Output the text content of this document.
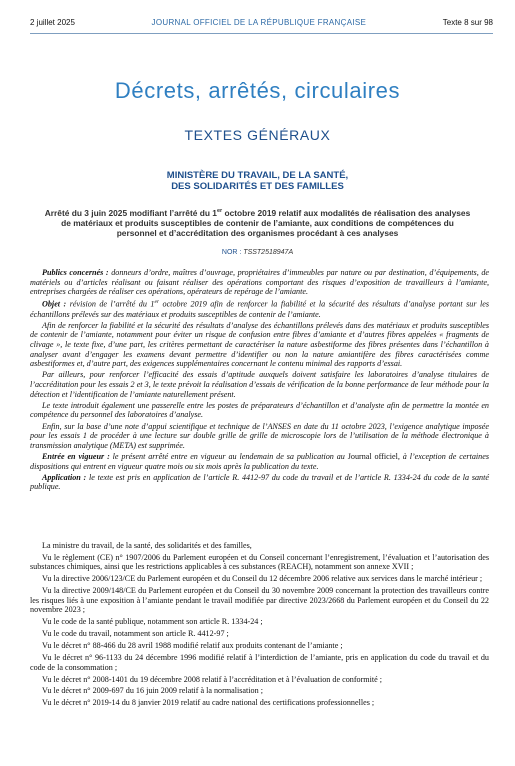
2 juillet 2025	JOURNAL OFFICIEL DE LA RÉPUBLIQUE FRANÇAISE	Texte 8 sur 98
Décrets, arrêtés, circulaires
TEXTES GÉNÉRAUX
MINISTÈRE DU TRAVAIL, DE LA SANTÉ,
DES SOLIDARITÉS ET DES FAMILLES
Arrêté du 3 juin 2025 modifiant l’arrêté du 1er octobre 2019 relatif aux modalités de réalisation des analyses de matériaux et produits susceptibles de contenir de l’amiante, aux conditions de compétences du personnel et d’accréditation des organismes procédant à ces analyses
NOR : TSST2518947A

Publics concernés : donneurs d’ordre, maîtres d’ouvrage, propriétaires d’immeubles par nature ou par destination, d’équipements, de matériels ou d’articles réalisant ou faisant réaliser des opérations comportant des risques d’exposition de travailleurs à l’amiante, entreprises chargées de réaliser ces opérations, opérateurs de repérage de l’amiante.

Objet : révision de l’arrêté du 1er octobre 2019 afin de renforcer la fiabilité et la sécurité des résultats d’analyse portant sur les échantillons prélevés sur des matériaux et produits susceptibles de contenir de l’amiante.

Afin de renforcer la fiabilité et la sécurité des résultats d’analyse des échantillons prélevés dans des matériaux et produits susceptibles de contenir de l’amiante, notamment pour éviter un risque de confusion entre fibres d’amiante et d’autres fibres appelées « fragments de clivage », le texte fixe, d’une part, les critères permettant de caractériser la nature asbestiforme des fibres présentes dans l’échantillon à analyser avant d’engager les examens devant permettre d’identifier ou non la nature amiantifère des fibres caractérisées comme asbestiformes et, d’autre part, des exigences supplémentaires concernant le contenu minimal des rapports d’essai.

Par ailleurs, pour renforcer l’efficacité des essais d’aptitude auxquels doivent satisfaire les laboratoires d’analyse titulaires de l’accréditation pour les essais 2 et 3, le texte prévoit la réalisation d’essais de vérification de la bonne performance de leur méthode pour la détection et l’identification de l’amiante naturellement présent.

Le texte introduit également une passerelle entre les postes de préparateurs d’échantillon et d’analyste afin de permettre la montée en compétence du personnel des laboratoires d’analyse.

Enfin, sur la base d’une note d’appui scientifique et technique de l’ANSES en date du 11 octobre 2023, l’exigence analytique imposée pour les essais 1 de procéder à une lecture sur double grille de grille de microscopie lors de l’utilisation de la méthode électronique à transmission analytique (META) est supprimée.

Entrée en vigueur : le présent arrêté entre en vigueur au lendemain de sa publication au Journal officiel, à l’exception de certaines dispositions qui entrent en vigueur quatre mois ou six mois après la publication du texte.

Application : le texte est pris en application de l’article R. 4412-97 du code du travail et de l’article R. 1334-24 du code de la santé publique.

La ministre du travail, de la santé, des solidarités et des familles,

Vu le règlement (CE) n° 1907/2006 du Parlement européen et du Conseil concernant l’enregistrement, l’évaluation et l’autorisation des substances chimiques, ainsi que les restrictions applicables à ces substances (REACH), notamment son annexe XVII ;

Vu la directive 2006/123/CE du Parlement européen et du Conseil du 12 décembre 2006 relative aux services dans le marché intérieur ;

Vu la directive 2009/148/CE du Parlement européen et du Conseil du 30 novembre 2009 concernant la protection des travailleurs contre les risques liés à une exposition à l’amiante pendant le travail modifiée par directive 2023/2668 du Parlement européen et du Conseil du 22 novembre 2023 ;

Vu le code de la santé publique, notamment son article R. 1334-24 ;

Vu le code du travail, notamment son article R. 4412-97 ;

Vu le décret n° 88-466 du 28 avril 1988 modifié relatif aux produits contenant de l’amiante ;

Vu le décret n° 96-1133 du 24 décembre 1996 modifié relatif à l’interdiction de l’amiante, pris en application du code du travail et du code de la consommation ;

Vu le décret n° 2008-1401 du 19 décembre 2008 relatif à l’accréditation et à l’évaluation de conformité ;

Vu le décret n° 2009-697 du 16 juin 2009 relatif à la normalisation ;

Vu le décret n° 2019-14 du 8 janvier 2019 relatif au cadre national des certifications professionnelles ;
